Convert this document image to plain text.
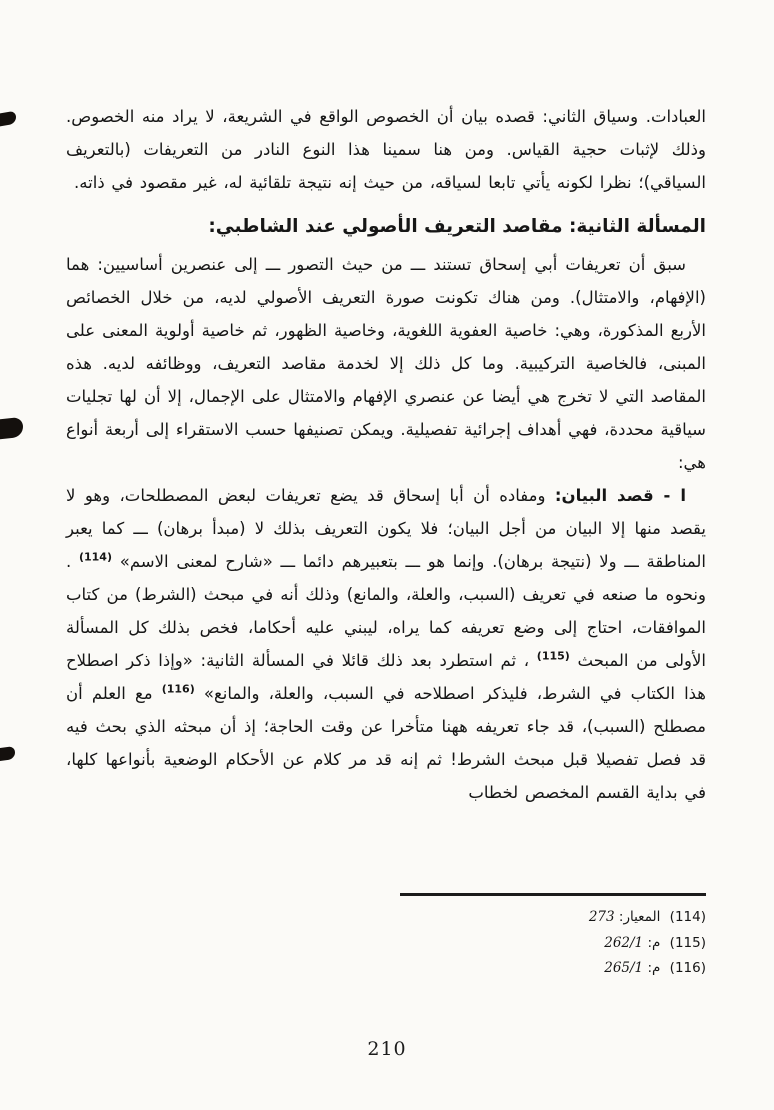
العبادات. وسياق الثاني: قصده بيان أن الخصوص الواقع في الشريعة، لا يراد منه الخصوص. وذلك لإثبات حجية القياس. ومن هنا سمينا هذا النوع النادر من التعريفات (بالتعريف السياقي)؛ نظرا لكونه يأتي تابعا لسياقه، من حيث إنه نتيجة تلقائية له، غير مقصود في ذاته.

المسألة الثانية: مقاصد التعريف الأصولي عند الشاطبي:

سبق أن تعريفات أبي إسحاق تستند ـــ من حيث التصور ـــ إلى عنصرين أساسيين: هما (الإفهام، والامتثال). ومن هناك تكونت صورة التعريف الأصولي لديه، من خلال الخصائص الأربع المذكورة، وهي: خاصية العفوية اللغوية، وخاصية الظهور، ثم خاصية أولوية المعنى على المبنى، فالخاصية التركيبية. وما كل ذلك إلا لخدمة مقاصد التعريف، ووظائفه لديه. هذه المقاصد التي لا تخرج هي أيضا عن عنصري الإفهام والامتثال على الإجمال، إلا أن لها تجليات سياقية محددة، فهي أهداف إجرائية تفصيلية. ويمكن تصنيفها حسب الاستقراء إلى أربعة أنواع هي:

ا - قصد البيان: ومفاده أن أبا إسحاق قد يضع تعريفات لبعض المصطلحات، وهو لا يقصد منها إلا البيان من أجل البيان؛ فلا يكون التعريف بذلك لا (مبدأ برهان) ـــ كما يعبر المناطقة ـــ ولا (نتيجة برهان). وإنما هو ـــ بتعبيرهم دائما ـــ «شارح لمعنى الاسم» $^{(114)}$ . ونحوه ما صنعه في تعريف (السبب، والعلة، والمانع) وذلك أنه في مبحث (الشرط) من كتاب الموافقات، احتاج إلى وضع تعريفه كما يراه، ليبني عليه أحكاما، فخص بذلك كل المسألة الأولى من المبحث $^{(115)}$ ، ثم استطرد بعد ذلك قائلا في المسألة الثانية: «وإذا ذكر اصطلاح هذا الكتاب في الشرط، فليذكر اصطلاحه في السبب، والعلة، والمانع» $^{(116)}$ مع العلم أن مصطلح (السبب)، قد جاء تعريفه ههنا متأخرا عن وقت الحاجة؛ إذ أن مبحثه الذي بحث فيه قد فصل تفصيلا قبل مبحث الشرط! ثم إنه قد مر كلام عن الأحكام الوضعية بأنواعها كلها، في بداية القسم المخصص لخطاب

(114) المعيار: 273
(115) م: 262/1
(116) م: 265/1
210
